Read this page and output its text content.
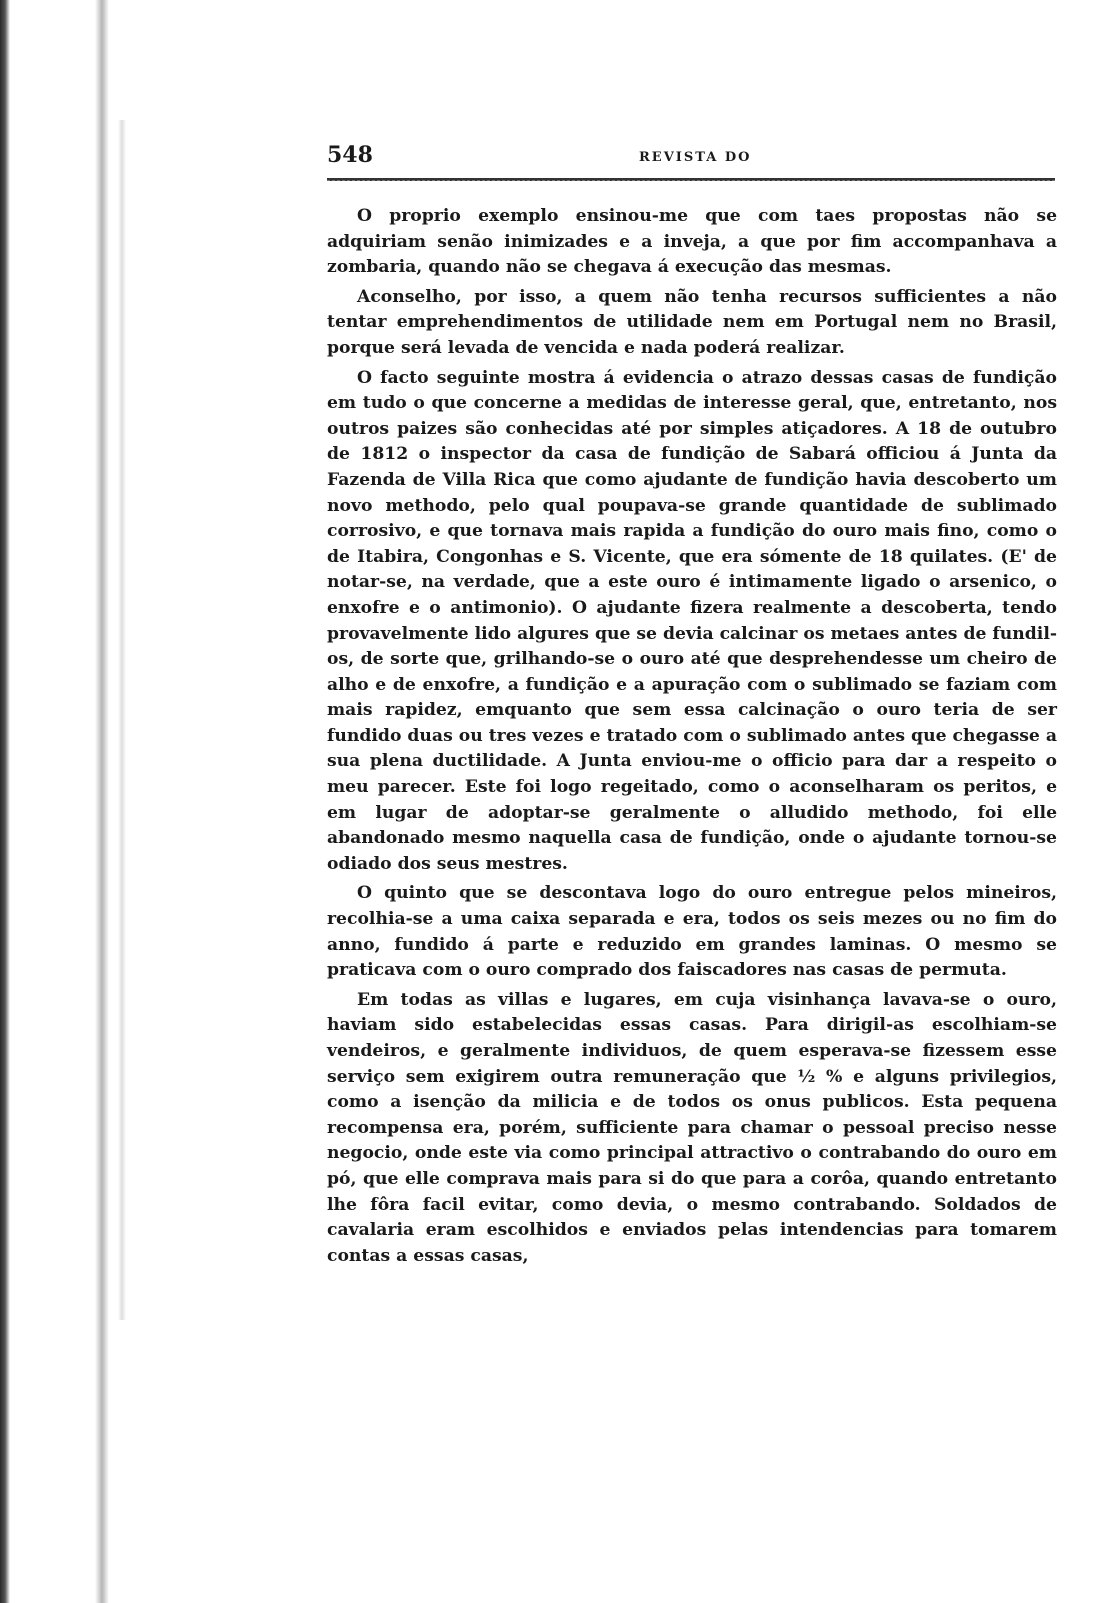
548	REVISTA DO

O proprio exemplo ensinou-me que com taes propostas não se adquiriam senão inimizades e a inveja, a que por fim accompanhava a zombaria, quando não se chegava á execução das mesmas.

Aconselho, por isso, a quem não tenha recursos sufficientes a não tentar emprehendimentos de utilidade nem em Portugal nem no Brasil, porque será levada de vencida e nada poderá realizar.

O facto seguinte mostra á evidencia o atrazo dessas casas de fundição em tudo o que concerne a medidas de interesse geral, que, entretanto, nos outros paizes são conhecidas até por simples atiçadores. A 18 de outubro de 1812 o inspector da casa de fundição de Sabará officiou á Junta da Fazenda de Villa Rica que como ajudante de fundição havia descoberto um novo methodo, pelo qual poupava-se grande quantidade de sublimado corrosivo, e que tornava mais rapida a fundição do ouro mais fino, como o de Itabira, Congonhas e S. Vicente, que era sómente de 18 quilates. (E' de notar-se, na verdade, que a este ouro é intimamente ligado o arsenico, o enxofre e o antimonio). O ajudante fizera realmente a descoberta, tendo provavelmente lido algures que se devia calcinar os metaes antes de fundil-os, de sorte que, grilhando-se o ouro até que desprehendesse um cheiro de alho e de enxofre, a fundição e a apuração com o sublimado se faziam com mais rapidez, emquanto que sem essa calcinação o ouro teria de ser fundido duas ou tres vezes e tratado com o sublimado antes que chegasse a sua plena ductilidade. A Junta enviou-me o officio para dar a respeito o meu parecer. Este foi logo regeitado, como o aconselharam os peritos, e em lugar de adoptar-se geralmente o alludido methodo, foi elle abandonado mesmo naquella casa de fundição, onde o ajudante tornou-se odiado dos seus mestres.

O quinto que se descontava logo do ouro entregue pelos mineiros, recolhia-se a uma caixa separada e era, todos os seis mezes ou no fim do anno, fundido á parte e reduzido em grandes laminas. O mesmo se praticava com o ouro comprado dos faiscadores nas casas de permuta.

Em todas as villas e lugares, em cuja visinhança lavava-se o ouro, haviam sido estabelecidas essas casas. Para dirigil-as escolhiam-se vendeiros, e geralmente individuos, de quem esperava-se fizessem esse serviço sem exigirem outra remuneração que ½ % e alguns privilegios, como a isenção da milicia e de todos os onus publicos. Esta pequena recompensa era, porém, sufficiente para chamar o pessoal preciso nesse negocio, onde este via como principal attractivo o contrabando do ouro em pó, que elle comprava mais para si do que para a corôa, quando entretanto lhe fôra facil evitar, como devia, o mesmo contrabando. Soldados de cavalaria eram escolhidos e enviados pelas intendencias para tomarem contas a essas casas,
